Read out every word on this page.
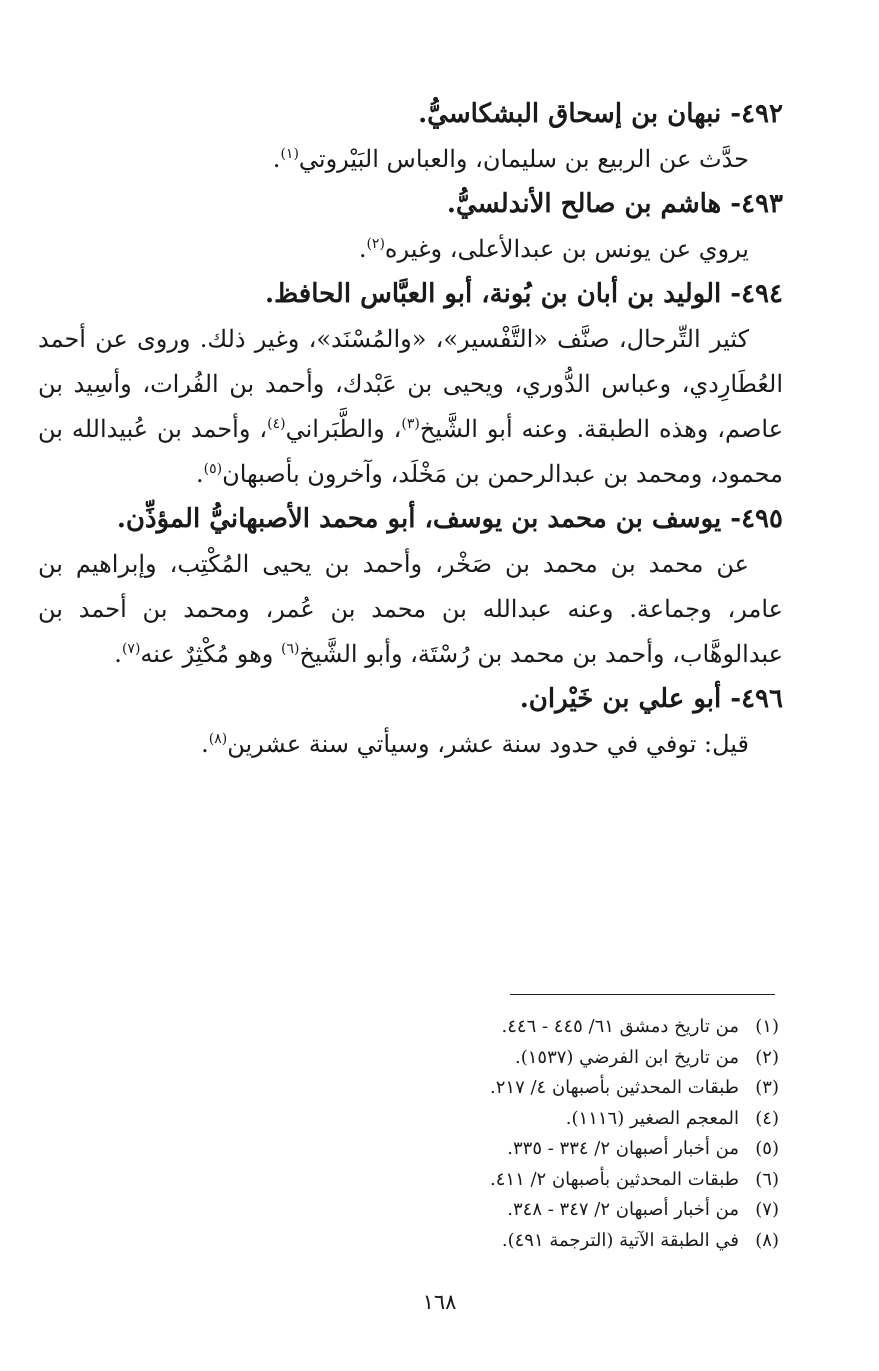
٤٩٢- نبهان بن إسحاق البشكاسيُّ.

حدَّث عن الربيع بن سليمان، والعباس البَيْروتي$^{(١)}$.

٤٩٣- هاشم بن صالح الأندلسيُّ.

يروي عن يونس بن عبدالأعلى، وغيره$^{(٢)}$.

٤٩٤- الوليد بن أبان بن بُونة، أبو العبَّاس الحافظ.

كثير التِّرحال، صنَّف «التَّفْسير»، «والمُسْنَد»، وغير ذلك. وروى عن أحمد العُطَارِدي، وعباس الدُّوري، ويحيى بن عَبْدك، وأحمد بن الفُرات، وأسِيد بن عاصم، وهذه الطبقة. وعنه أبو الشَّيخ$^{(٣)}$، والطَّبَراني$^{(٤)}$، وأحمد بن عُبيدالله بن محمود، ومحمد بن عبدالرحمن بن مَخْلَد، وآخرون بأصبهان$^{(٥)}$.

٤٩٥- يوسف بن محمد بن يوسف، أبو محمد الأصبهانيُّ المؤذِّن.

عن محمد بن محمد بن صَخْر، وأحمد بن يحيى المُكْتِب، وإبراهيم بن عامر، وجماعة. وعنه عبدالله بن محمد بن عُمر، ومحمد بن أحمد بن عبدالوهَّاب، وأحمد بن محمد بن رُسْتَة، وأبو الشَّيخ$^{(٦)}$ وهو مُكْثِرٌ عنه$^{(٧)}$.

٤٩٦- أبو علي بن خَيْران.

قيل: توفي في حدود سنة عشر، وسيأتي سنة عشرين$^{(٨)}$.

(١)من تاريخ دمشق ٦١/ ٤٤٥ - ٤٤٦.
(٢)من تاريخ ابن الفرضي (١٥٣٧).
(٣)طبقات المحدثين بأصبهان ٤/ ٢١٧.
(٤)المعجم الصغير (١١١٦).
(٥)من أخبار أصبهان ٢/ ٣٣٤ - ٣٣٥.
(٦)طبقات المحدثين بأصبهان ٢/ ٤١١.
(٧)من أخبار أصبهان ٢/ ٣٤٧ - ٣٤٨.
(٨)في الطبقة الآتية (الترجمة ٤٩١).
١٦٨
